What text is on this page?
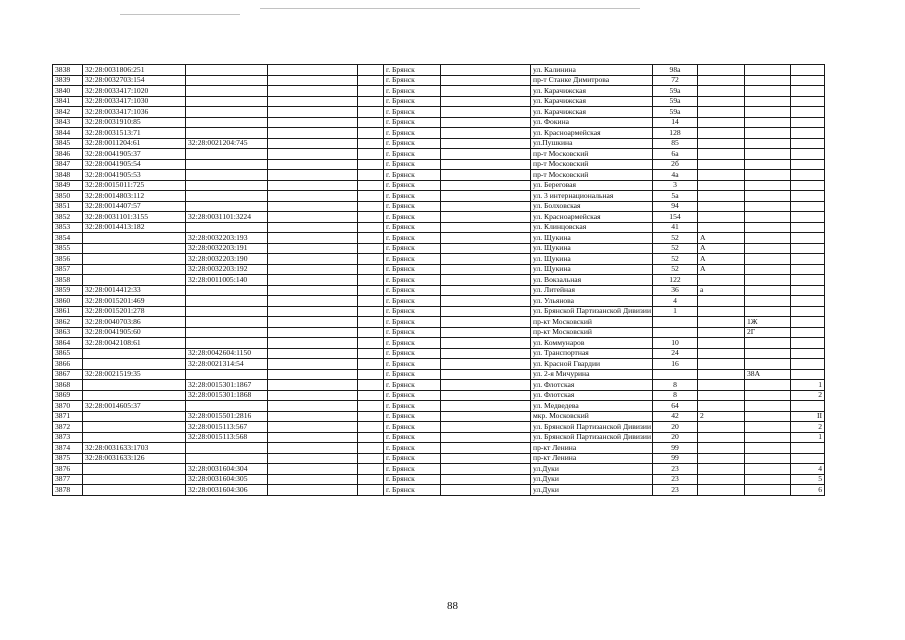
3838	32:28:0031806:251				г. Брянск		ул. Калинина	98а			
3839	32:28:0032703:154				г. Брянск		пр-т Станке Димитрова	72			
3840	32:28:0033417:1020				г. Брянск		ул. Карачижская	59а			
3841	32:28:0033417:1030				г. Брянск		ул. Карачижская	59а			
3842	32:28:0033417:1036				г. Брянск		ул. Карачижская	59а			
3843	32:28:0031910:85				г. Брянск		ул. Фокина	14			
3844	32:28:0031513:71				г. Брянск		ул. Красноармейская	128			
3845	32:28:0011204:61	32:28:0021204:745			г. Брянск		ул.Пушкина	85			
3846	32:28:0041905:37				г. Брянск		пр-т Московский	6а			
3847	32:28:0041905:54				г. Брянск		пр-т Московский	2б			
3848	32:28:0041905:53				г. Брянск		пр-т Московский	4а			
3849	32:28:0015011:725				г. Брянск		ул. Береговая	3			
3850	32:28:0014803:112				г. Брянск		ул. 3 интернациональная	5а			
3851	32:28:0014407:57				г. Брянск		ул. Болховская	94			
3852	32:28:0031101:3155	32:28:0031101:3224			г. Брянск		ул. Красноармейская	154			
3853	32:28:0014413:182				г. Брянск		ул. Клинцовская	41			
3854		32:28:0032203:193			г. Брянск		ул. Щукина	52	А		
3855		32:28:0032203:191			г. Брянск		ул. Щукина	52	А		
3856		32:28:0032203:190			г. Брянск		ул. Щукина	52	А		
3857		32:28:0032203:192			г. Брянск		ул. Щукина	52	А		
3858		32:28:0011005:140			г. Брянск		ул. Вокзальная	122			
3859	32:28:0014412:33				г. Брянск		ул. Литейная	36	а		
3860	32:28:0015201:469				г. Брянск		ул. Ульянова	4			
3861	32:28:0015201:278				г. Брянск		ул. Брянской Партизанской Дивизии	1			
3862	32:28:0040703:86				г. Брянск		пр-кт Московский			1Ж	
3863	32:28:0041905:60				г. Брянск		пр-кт Московский			2Г	
3864	32:28:0042108:61				г. Брянск		ул. Коммунаров	10			
3865		32:28:0042604:1150			г. Брянск		ул. Транспортная	24			
3866		32:28:0021314:54			г. Брянск		ул. Красной Гвардии	16			
3867	32:28:0021519:35				г. Брянск		ул. 2-я Мичурина			38А	
3868		32:28:0015301:1867			г. Брянск		ул. Флотская	8			1
3869		32:28:0015301:1868			г. Брянск		ул. Флотская	8			2
3870	32:28:0014605:37				г. Брянск		ул. Медведева	64			
3871		32:28:0015501:2816			г. Брянск		мкр. Московский	42	2		II
3872		32:28:0015113:567			г. Брянск		ул. Брянской Партизанской Дивизии	20			2
3873		32:28:0015113:568			г. Брянск		ул. Брянской Партизанской Дивизии	20			1
3874	32:28:0031633:1703				г. Брянск		пр-кт Ленина	99			
3875	32:28:0031633:126				г. Брянск		пр-кт Ленина	99			
3876		32:28:0031604:304			г. Брянск		ул.Дуки	23			4
3877		32:28:0031604:305			г. Брянск		ул.Дуки	23			5
3878		32:28:0031604:306			г. Брянск		ул.Дуки	23			6
88
